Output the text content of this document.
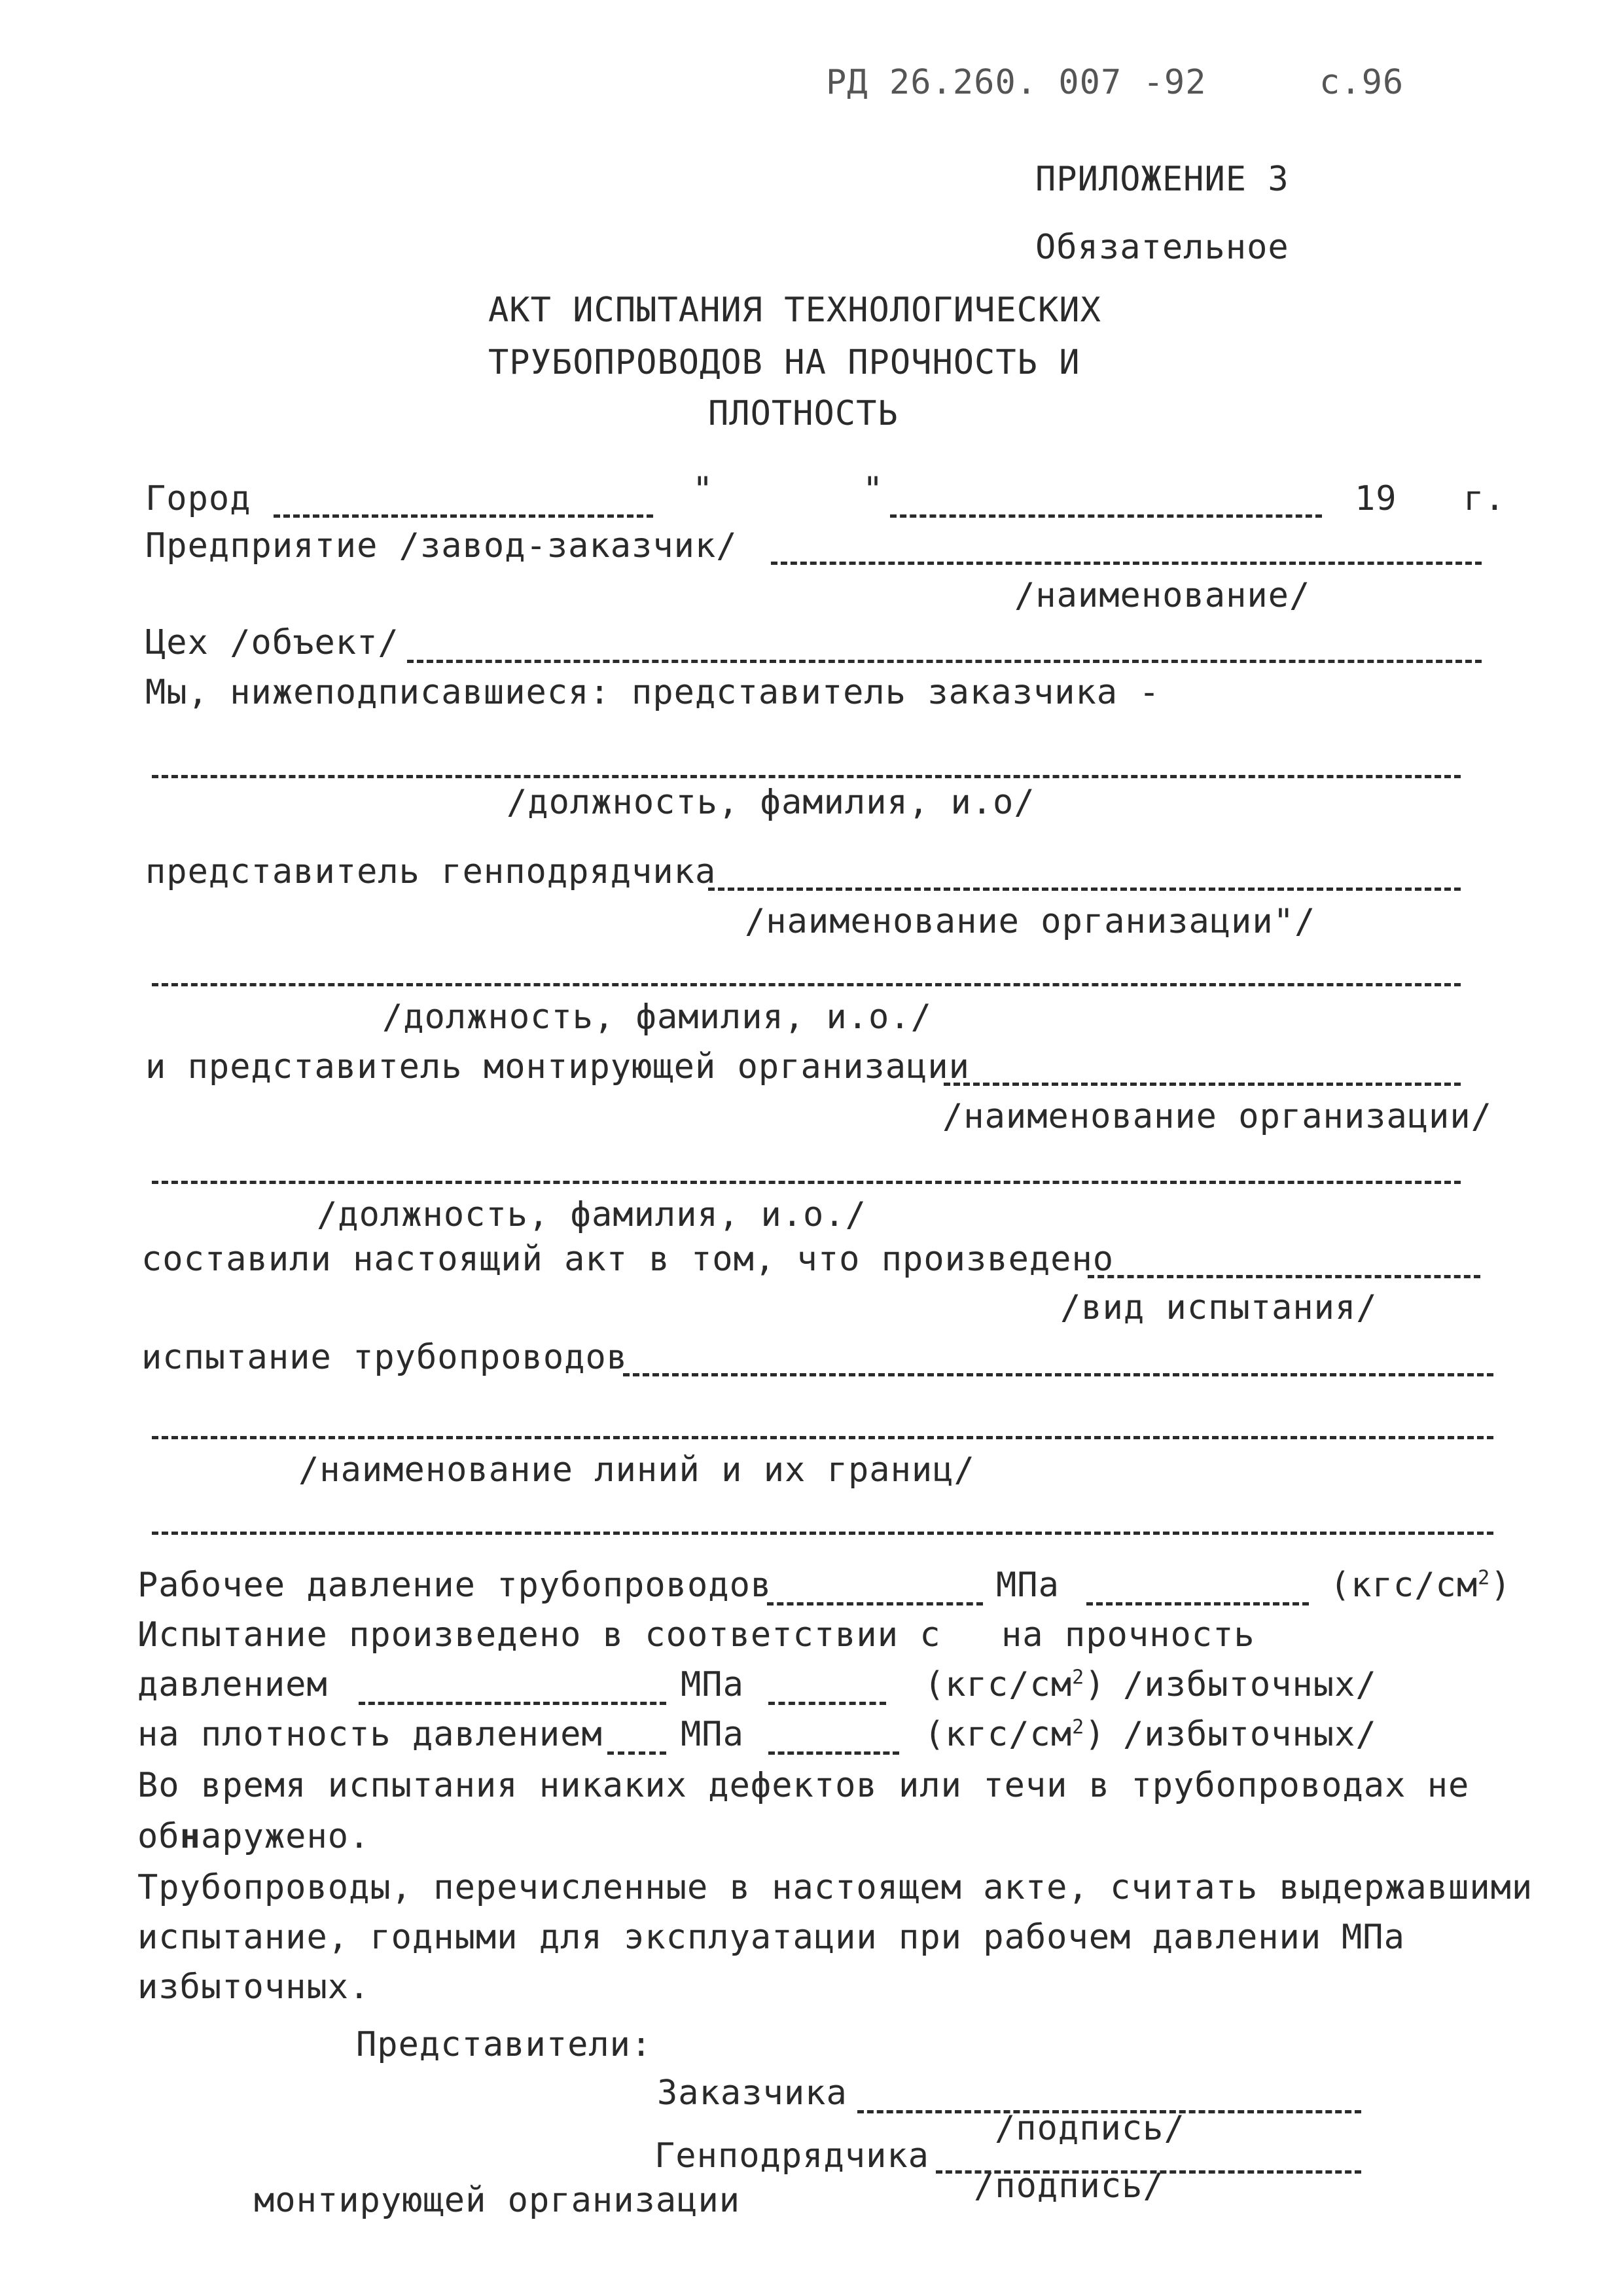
РД 26.260. 007 -92	с.96
ПРИЛОЖЕНИЕ 3
Обязательное
АКТ ИСПЫТАНИЯ ТЕХНОЛОГИЧЕСКИХ
ТРУБОПРОВОДОВ НА ПРОЧНОСТЬ И
ПЛОТНОСТЬ
Город	"	"	19 г.
Предприятие /завод-заказчик/
/наименование/
Цех /объект/
Мы, нижеподписавшиеся: представитель заказчика -
/должность, фамилия, и.о/
представитель генподрядчика
/наименование организации"/
/должность, фамилия, и.о./
и представитель монтирующей организации
/наименование организации/
/должность, фамилия, и.о./
составили настоящий акт в том, что произведено
/вид испытания/
испытание трубопроводов
/наименование линий и их границ/
Рабочее давление трубопроводов	МПа	$(кгс/см^2)$
Испытание произведено в соответствии с на прочность
давлением	МПа	$(кгс/см^2)$ /избыточных/
на плотность давлением МПа	$(кгс/см^2)$ /избыточных/
Во время испытания никаких дефектов или течи в трубопроводах не
обнаружено.
Трубопроводы, перечисленные в настоящем акте, считать выдержавшими
испытание, годными для эксплуатации при рабочем давлении МПа
избыточных.
Представители:
Заказчика
/подпись/
Генподрядчика
/подпись/
монтирующей организации
